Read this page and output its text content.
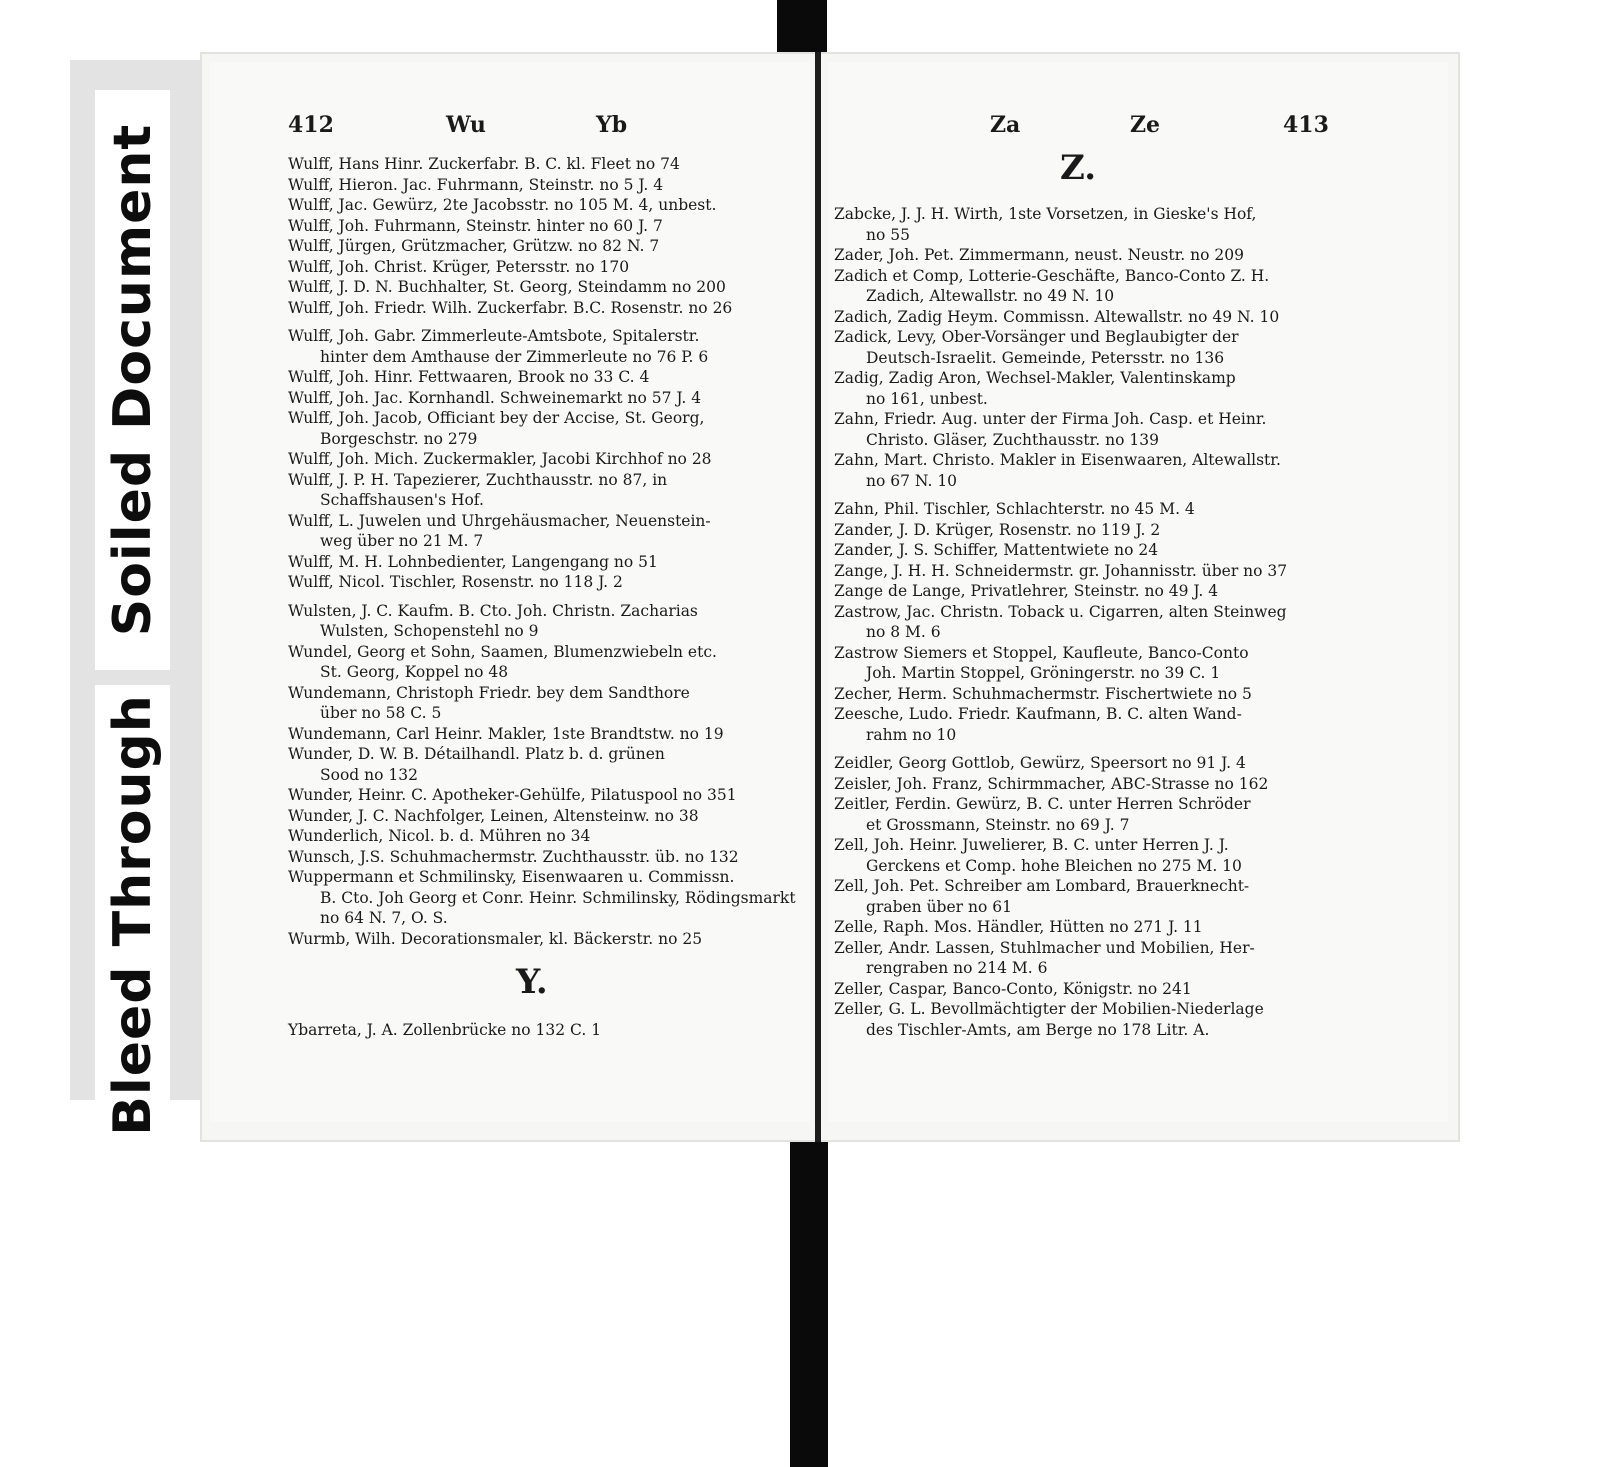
Soiled Document
Bleed Through
412	Wu	Yb

Wulff, Hans Hinr. Zuckerfabr. B. C. kl. Fleet no 74

Wulff, Hieron. Jac. Fuhrmann, Steinstr. no 5 J. 4

Wulff, Jac. Gewürz, 2te Jacobsstr. no 105 M. 4, unbest.

Wulff, Joh. Fuhrmann, Steinstr. hinter no 60 J. 7

Wulff, Jürgen, Grützmacher, Grützw. no 82 N. 7

Wulff, Joh. Christ. Krüger, Petersstr. no 170

Wulff, J. D. N. Buchhalter, St. Georg, Steindamm no 200

Wulff, Joh. Friedr. Wilh. Zuckerfabr. B.C. Rosenstr. no 26

Wulff, Joh. Gabr. Zimmerleute-Amtsbote, Spitalerstr.
hinter dem Amthause der Zimmerleute no 76 P. 6

Wulff, Joh. Hinr. Fettwaaren, Brook no 33 C. 4

Wulff, Joh. Jac. Kornhandl. Schweinemarkt no 57 J. 4

Wulff, Joh. Jacob, Officiant bey der Accise, St. Georg,
Borgeschstr. no 279

Wulff, Joh. Mich. Zuckermakler, Jacobi Kirchhof no 28

Wulff, J. P. H. Tapezierer, Zuchthausstr. no 87, in
Schaffshausen's Hof.

Wulff, L. Juwelen und Uhrgehäusmacher, Neuenstein-
weg über no 21 M. 7

Wulff, M. H. Lohnbedienter, Langengang no 51

Wulff, Nicol. Tischler, Rosenstr. no 118 J. 2

Wulsten, J. C. Kaufm. B. Cto. Joh. Christn. Zacharias
Wulsten, Schopenstehl no 9

Wundel, Georg et Sohn, Saamen, Blumenzwiebeln etc.
St. Georg, Koppel no 48

Wundemann, Christoph Friedr. bey dem Sandthore
über no 58 C. 5

Wundemann, Carl Heinr. Makler, 1ste Brandtstw. no 19

Wunder, D. W. B. Détailhandl. Platz b. d. grünen
Sood no 132

Wunder, Heinr. C. Apotheker-Gehülfe, Pilatuspool no 351

Wunder, J. C. Nachfolger, Leinen, Altensteinw. no 38

Wunderlich, Nicol. b. d. Mühren no 34

Wunsch, J.S. Schuhmachermstr. Zuchthausstr. üb. no 132

Wuppermann et Schmilinsky, Eisenwaaren u. Commissn.
B. Cto. Joh Georg et Conr. Heinr. Schmilinsky, Rödingsmarkt no 64 N. 7, O. S.

Wurmb, Wilh. Decorationsmaler, kl. Bäckerstr. no 25

Y.

Ybarreta, J. A. Zollenbrücke no 132 C. 1

Za	Ze	413
Z.

Zabcke, J. J. H. Wirth, 1ste Vorsetzen, in Gieske's Hof,
no 55

Zader, Joh. Pet. Zimmermann, neust. Neustr. no 209

Zadich et Comp, Lotterie-Geschäfte, Banco-Conto Z. H.
Zadich, Altewallstr. no 49 N. 10

Zadich, Zadig Heym. Commissn. Altewallstr. no 49 N. 10

Zadick, Levy, Ober-Vorsänger und Beglaubigter der
Deutsch-Israelit. Gemeinde, Petersstr. no 136

Zadig, Zadig Aron, Wechsel-Makler, Valentinskamp
no 161, unbest.

Zahn, Friedr. Aug. unter der Firma Joh. Casp. et Heinr.
Christo. Gläser, Zuchthausstr. no 139

Zahn, Mart. Christo. Makler in Eisenwaaren, Altewallstr.
no 67 N. 10

Zahn, Phil. Tischler, Schlachterstr. no 45 M. 4

Zander, J. D. Krüger, Rosenstr. no 119 J. 2

Zander, J. S. Schiffer, Mattentwiete no 24

Zange, J. H. H. Schneidermstr. gr. Johannisstr. über no 37

Zange de Lange, Privatlehrer, Steinstr. no 49 J. 4

Zastrow, Jac. Christn. Toback u. Cigarren, alten Steinweg
no 8 M. 6

Zastrow Siemers et Stoppel, Kaufleute, Banco-Conto
Joh. Martin Stoppel, Gröningerstr. no 39 C. 1

Zecher, Herm. Schuhmachermstr. Fischertwiete no 5

Zeesche, Ludo. Friedr. Kaufmann, B. C. alten Wand-
rahm no 10

Zeidler, Georg Gottlob, Gewürz, Speersort no 91 J. 4

Zeisler, Joh. Franz, Schirmmacher, ABC-Strasse no 162

Zeitler, Ferdin. Gewürz, B. C. unter Herren Schröder
et Grossmann, Steinstr. no 69 J. 7

Zell, Joh. Heinr. Juwelierer, B. C. unter Herren J. J.
Gerckens et Comp. hohe Bleichen no 275 M. 10

Zell, Joh. Pet. Schreiber am Lombard, Brauerknecht-
graben über no 61

Zelle, Raph. Mos. Händler, Hütten no 271 J. 11

Zeller, Andr. Lassen, Stuhlmacher und Mobilien, Her-
rengraben no 214 M. 6

Zeller, Caspar, Banco-Conto, Königstr. no 241

Zeller, G. L. Bevollmächtigter der Mobilien-Niederlage
des Tischler-Amts, am Berge no 178 Litr. A.
